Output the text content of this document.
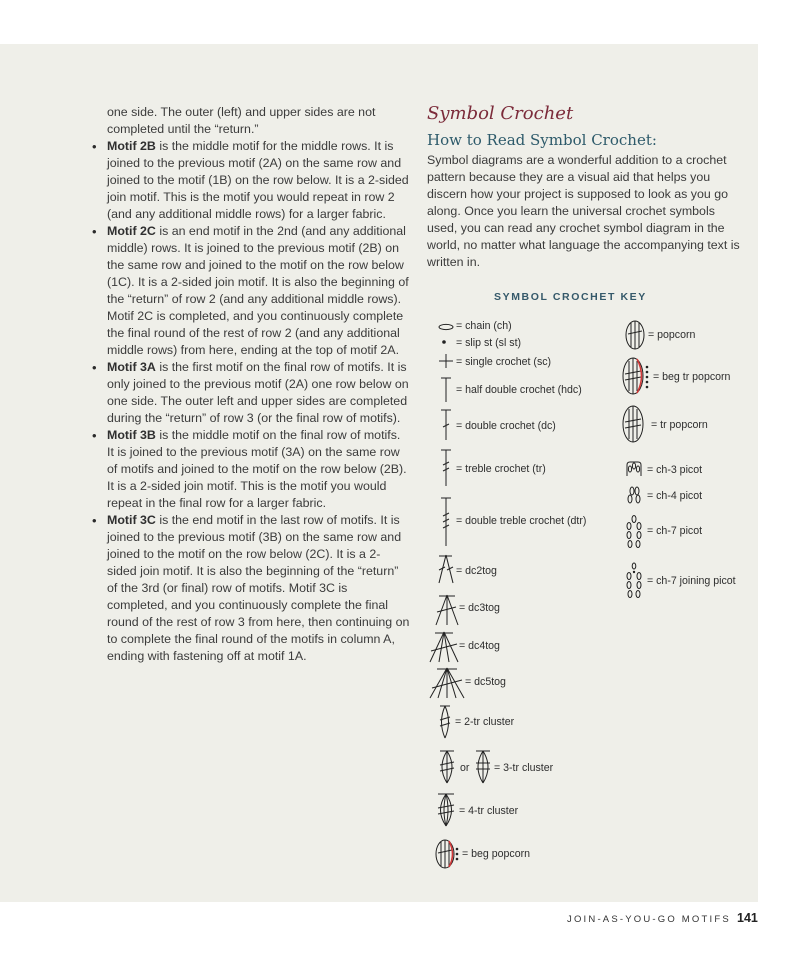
one side. The outer (left) and upper sides are not completed until the “return.”

• Motif 2B is the middle motif for the middle rows. It is joined to the previous motif (2A) on the same row and joined to the motif (1B) on the row below. It is a 2-sided join motif. This is the motif you would repeat in row 2 (and any additional middle rows) for a larger fabric.
• Motif 2C is an end motif in the 2nd (and any additional middle) rows. It is joined to the previous motif (2B) on the same row and joined to the motif on the row below (1C). It is a 2-sided join motif. It is also the beginning of the “return” of row 2 (and any additional middle rows). Motif 2C is completed, and you continuously complete the final round of the rest of row 2 (and any additional middle rows) from here, ending at the top of motif 2A.
• Motif 3A is the first motif on the final row of motifs. It is only joined to the previous motif (2A) one row below on one side. The outer left and upper sides are completed during the “return” of row 3 (or the final row of motifs).
• Motif 3B is the middle motif on the final row of motifs. It is joined to the previous motif (3A) on the same row of motifs and joined to the motif on the row below (2B). It is a 2-sided join motif. This is the motif you would repeat in the final row for a larger fabric.
• Motif 3C is the end motif in the last row of motifs. It is joined to the previous motif (3B) on the same row and joined to the motif on the row below (2C). It is a 2-sided join motif. It is also the beginning of the “return” of the 3rd (or final) row of motifs. Motif 3C is completed, and you continuously complete the final round of the rest of row 3 from here, then continuing on to complete the final round of the motifs in column A, ending with fastening off at motif 1A.
Symbol Crochet
How to Read Symbol Crochet:

Symbol diagrams are a wonderful addition to a crochet pattern because they are a visual aid that helps you discern how your project is supposed to look as you go along. Once you learn the universal crochet symbols used, you can read any crochet symbol diagram in the world, no matter what language the accompanying text is written in.

SYMBOL CROCHET KEY
= chain (ch)
= slip st (sl st)
= single crochet (sc)
= half double crochet (hdc)
= double crochet (dc)
= treble crochet (tr)
= double treble crochet (dtr)
= dc2tog
= dc3tog
= dc4tog
= dc5tog
= 2-tr cluster
or = 3-tr cluster
= 4-tr cluster
= beg popcorn
= popcorn
= beg tr popcorn
= tr popcorn
= ch-3 picot
= ch-4 picot
= ch-7 picot
= ch-7 joining picot
JOIN-AS-YOU-GO MOTIFS 141
